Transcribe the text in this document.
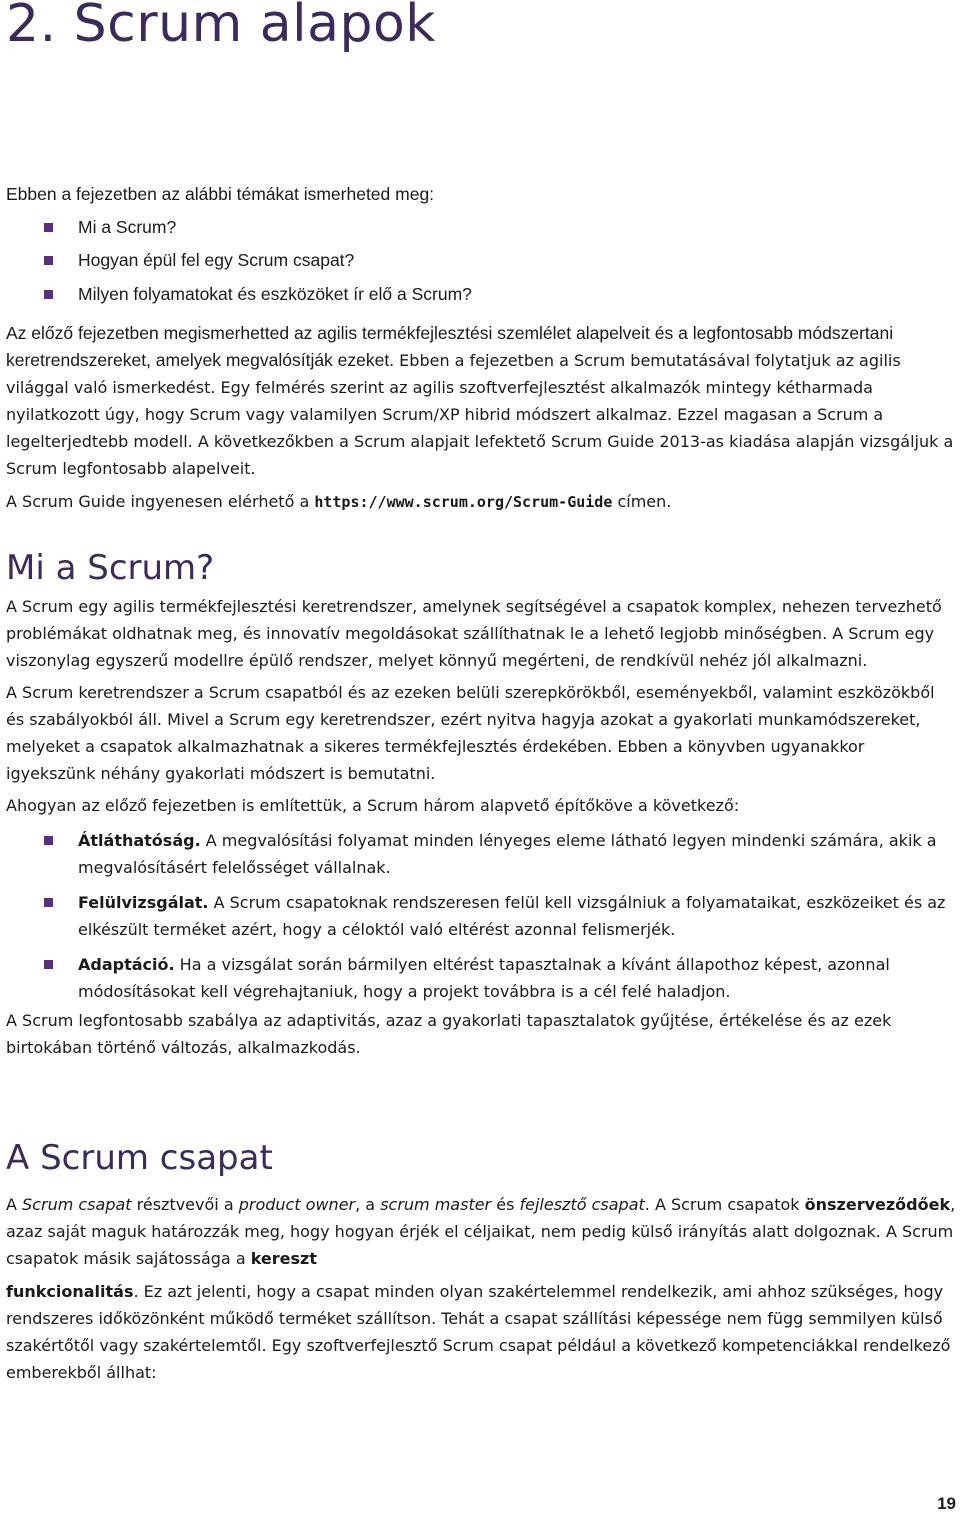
2. Scrum alapok

Ebben a fejezetben az alábbi témákat ismerheted meg:

Mi a Scrum?
Hogyan épül fel egy Scrum csapat?
Milyen folyamatokat és eszközöket ír elő a Scrum?

Az előző fejezetben megismerhetted az agilis termékfejlesztési szemlélet alapelveit és a legfontosabb módszertani keretrendszereket, amelyek megvalósítják ezeket. Ebben a fejezetben a Scrum bemutatásával folytatjuk az agilis világgal való ismerkedést. Egy felmérés szerint az agilis szoftverfejlesztést alkalmazók mintegy kétharmada nyilatkozott úgy, hogy Scrum vagy valamilyen Scrum/XP hibrid módszert alkalmaz. Ezzel magasan a Scrum a legelterjedtebb modell. A következőkben a Scrum alapjait lefektető Scrum Guide 2013-as kiadása alapján vizsgáljuk a Scrum legfontosabb alapelveit.

A Scrum Guide ingyenesen elérhető a https://www.scrum.org/Scrum-Guide címen.

Mi a Scrum?

A Scrum egy agilis termékfejlesztési keretrendszer, amelynek segítségével a csapatok komplex, nehezen tervezhető problémákat oldhatnak meg, és innovatív megoldásokat szállíthatnak le a lehető legjobb minőségben. A Scrum egy viszonylag egyszerű modellre épülő rendszer, melyet könnyű megérteni, de rendkívül nehéz jól alkalmazni.

A Scrum keretrendszer a Scrum csapatból és az ezeken belüli szerepkörökből, eseményekből, valamint eszközökből és szabályokból áll. Mivel a Scrum egy keretrendszer, ezért nyitva hagyja azokat a gyakorlati munkamódszereket, melyeket a csapatok alkalmazhatnak a sikeres termékfejlesztés érdekében. Ebben a könyvben ugyanakkor igyekszünk néhány gyakorlati módszert is bemutatni.

Ahogyan az előző fejezetben is említettük, a Scrum három alapvető építőköve a következő:

Átláthatóság. A megvalósítási folyamat minden lényeges eleme látható legyen mindenki számára, akik a megvalósításért felelősséget vállalnak.
Felülvizsgálat. A Scrum csapatoknak rendszeresen felül kell vizsgálniuk a folyamataikat, eszközeiket és az elkészült terméket azért, hogy a céloktól való eltérést azonnal felismerjék.
Adaptáció. Ha a vizsgálat során bármilyen eltérést tapasztalnak a kívánt állapothoz képest, azonnal módosításokat kell végrehajtaniuk, hogy a projekt továbbra is a cél felé haladjon.

A Scrum legfontosabb szabálya az adaptivitás, azaz a gyakorlati tapasztalatok gyűjtése, értékelése és az ezek birtokában történő változás, alkalmazkodás.

A Scrum csapat

A Scrum csapat résztvevői a product owner, a scrum master és fejlesztő csapat. A Scrum csapatok önszerveződőek, azaz saját maguk határozzák meg, hogy hogyan érjék el céljaikat, nem pedig külső irányítás alatt dolgoznak. A Scrum csapatok másik sajátossága a kereszt

funkcionalitás. Ez azt jelenti, hogy a csapat minden olyan szakértelemmel rendelkezik, ami ahhoz szükséges, hogy rendszeres időközönként működő terméket szállítson. Tehát a csapat szállítási képessége nem függ semmilyen külső szakértőtől vagy szakértelemtől. Egy szoftverfejlesztő Scrum csapat például a következő kompetenciákkal rendelkező emberekből állhat:

19
